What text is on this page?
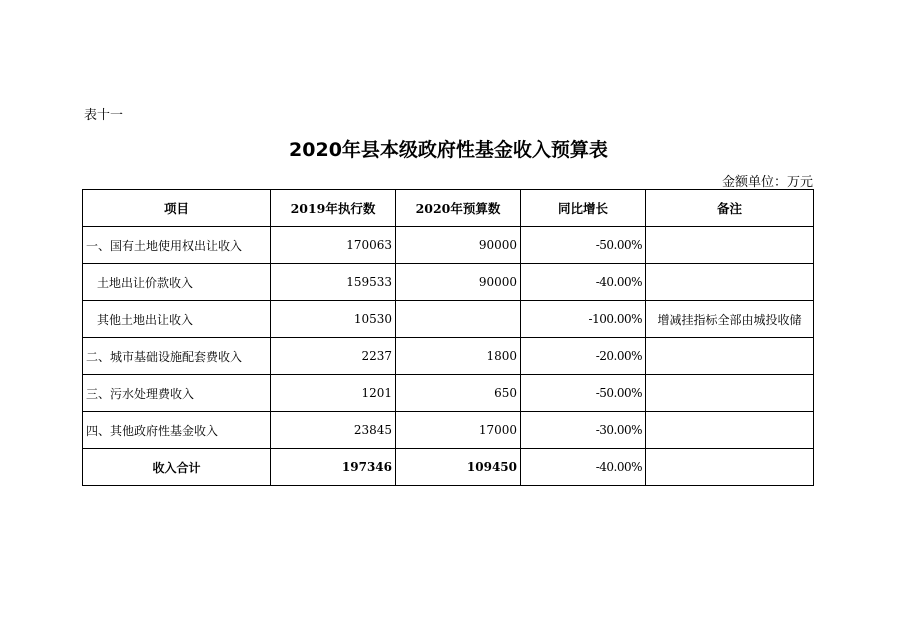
表十一
2020年县本级政府性基金收入预算表
金额单位：万元
项目	2019年执行数	2020年预算数	同比增长	备注
一、国有土地使用权出让收入	170063	90000	-50.00%	
土地出让价款收入	159533	90000	-40.00%	
其他土地出让收入	10530		-100.00%	增减挂指标全部由城投收储
二、城市基础设施配套费收入	2237	1800	-20.00%	
三、污水处理费收入	1201	650	-50.00%	
四、其他政府性基金收入	23845	17000	-30.00%	
收入合计	197346	109450	-40.00%	
